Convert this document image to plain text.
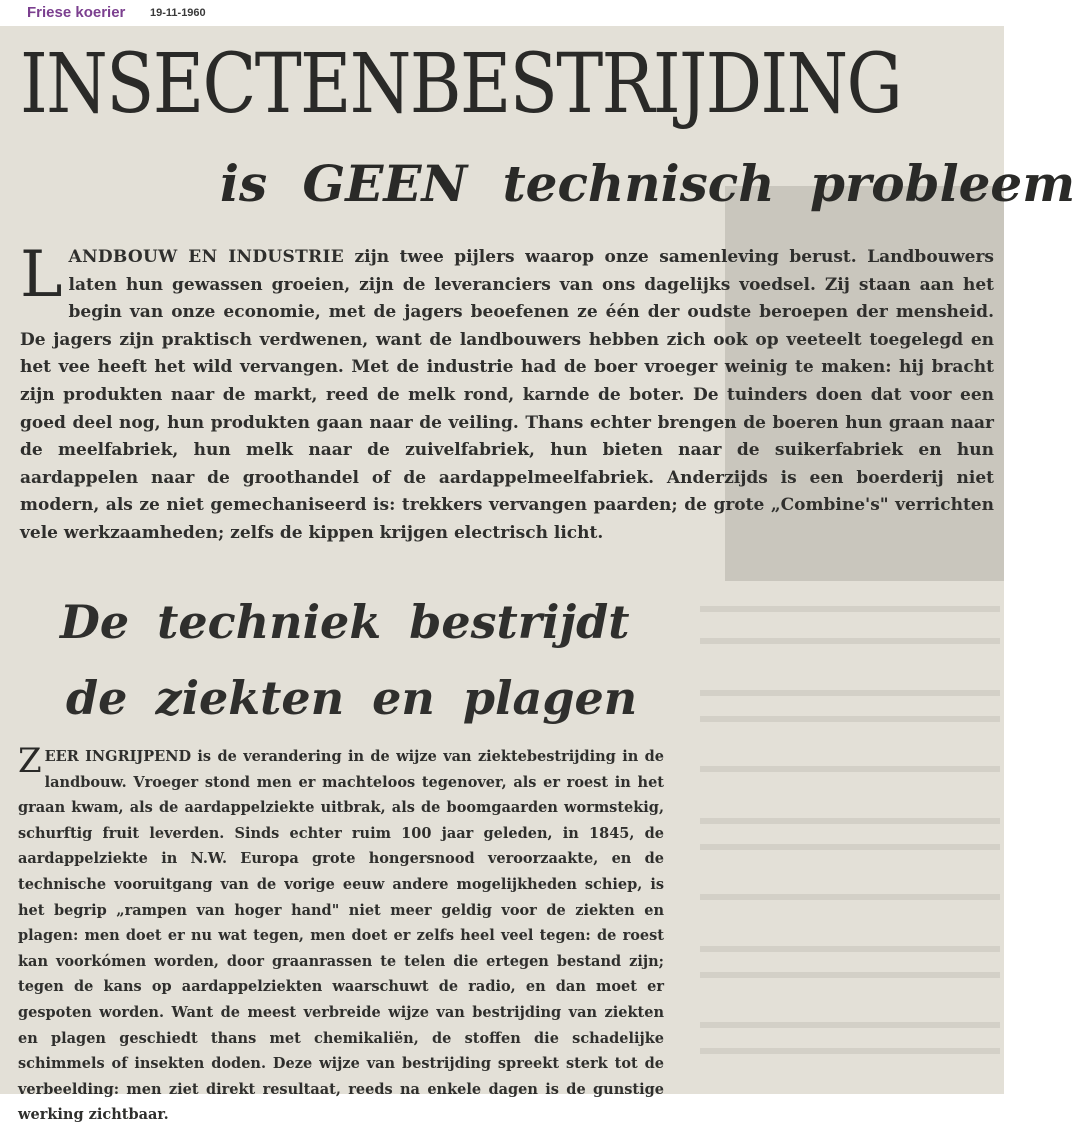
Friese koerier 19-11-1960
INSECTENBESTRIJDING
is GEEN technisch probleem
LANDBOUW EN INDUSTRIE zijn twee pijlers waarop onze samenleving berust. Landbouwers laten hun gewassen groeien, zijn de leveranciers van ons dagelijks voedsel. Zij staan aan het begin van onze economie, met de jagers beoefenen ze één der oudste beroepen der mensheid. De jagers zijn praktisch verdwenen, want de landbouwers hebben zich ook op veeteelt toegelegd en het vee heeft het wild vervangen. Met de industrie had de boer vroeger weinig te maken: hij bracht zijn produkten naar de markt, reed de melk rond, karnde de boter. De tuinders doen dat voor een goed deel nog, hun produkten gaan naar de veiling. Thans echter brengen de boeren hun graan naar de meelfabriek, hun melk naar de zuivelfabriek, hun bieten naar de suikerfabriek en hun aardappelen naar de groothandel of de aardappelmeelfabriek. Anderzijds is een boerderij niet modern, als ze niet gemechaniseerd is: trekkers vervangen paarden; de grote „Combine's" verrichten vele werkzaamheden; zelfs de kippen krijgen electrisch licht.
De techniek bestrijdt
de ziekten en plagen
ZEER INGRIJPEND is de verandering in de wijze van ziektebestrijding in de landbouw. Vroeger stond men er machteloos tegenover, als er roest in het graan kwam, als de aardappelziekte uitbrak, als de boomgaarden wormstekig, schurftig fruit leverden. Sinds echter ruim 100 jaar geleden, in 1845, de aardappelziekte in N.W. Europa grote hongersnood veroorzaakte, en de technische vooruitgang van de vorige eeuw andere mogelijkheden schiep, is het begrip „rampen van hoger hand" niet meer geldig voor de ziekten en plagen: men doet er nu wat tegen, men doet er zelfs heel veel tegen: de roest kan voorkómen worden, door graanrassen te telen die ertegen bestand zijn; tegen de kans op aardappelziekten waarschuwt de radio, en dan moet er gespoten worden. Want de meest verbreide wijze van bestrijding van ziekten en plagen geschiedt thans met chemikaliën, de stoffen die schadelijke schimmels of insekten doden. Deze wijze van bestrijding spreekt sterk tot de verbeelding: men ziet direkt resultaat, reeds na enkele dagen is de gunstige werking zichtbaar.
